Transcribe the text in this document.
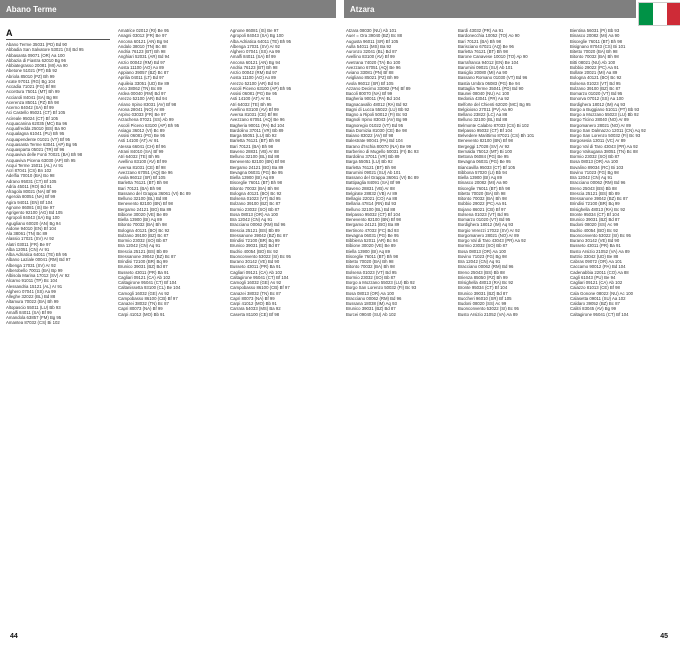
Abano Terme	Atzara
A
Abano Terme 35031 (PD) Bd 90
Abbadia San Salvatore 53021 (SI) Bd 95
Abbasanta 09071 (OR) Aa 100
Abbazia di Fiastra 62010 Bg 96
Abbiategrasso 20081 (MI) Aa 90
Abetone 51021 (PT) Bb 92
Abriola 85010 (PZ) Bh 99
Acate 97011 (RG) Bg 104
Accadia 71021 (FG) Bf 98
Accettura 75011 (MT) Bh 99
Acciaroli 84041 (SA) Bg 98
Acerenza 85011 (PZ) Bh 98
Acerno 84042 (SA) Bf 99
Aci Castello 95021 (CT) Bf 105
Acireale 95024 (CT) Bf 105
Acquacanina 62035 (MC) Ba 96
Acquafredda 25010 (BS) Ba 90
Acqualagna 61041 (PU) Bh 95
Acquapendente 01021 (VT) Bf 95
Acquasanta Terme 63041 (AP) Bg 95
Acquasparta 05021 (TR) Bf 96
Acquaviva delle Fonti 70021 (BA) Bh 98
Acquaviva Picena 63030 (AP) Bh 95
Acqui Terme 15011 (AL) Ar 91
Acri 87041 (CS) Bn 102
Adelfia 70010 (BA) Bo 98
Adrano 95031 (CT) Bf 105
Adria 45011 (RO) Bd 91
Afragola 80021 (NA) Bf 99
Agerola 80051 (NA) Bf 99
Agira 94011 (EN) Bf 104
Agnone 86081 (IS) Be 97
Agrigento 92100 (AG) Bd 105
Agropoli 84043 (SA) Bg 100
Agugliano 60020 (AN) Bg 94
Aidone 94010 (EN) Bf 104
Ala 38061 (TN) Bc 89
Alassio 17021 (SV) Ar 92
Alatri 03011 (FR) Be 97
Alba 12051 (CN) Ar 91
Alba Adriatica 64011 (TE) Bh 95
Albano Laziale 00041 (RM) Bd 97
Albenga 17031 (SV) Ar 92
Alberobello 70011 (BA) Bp 99
Albisola Marina 17012 (SV) Ar 92
Alcamo 91011 (TP) Bc 104
Alessandria 15121 (AL) Ar 91
Alghero 07041 (SS) Aa 99
Alleghe 32022 (BL) Bd 88
Altamura 70022 (BA) Bh 99
Altopascio 55011 (LU) Bb 93
Amalfi 84011 (SA) Bf 99
Amandola 63857 (FM) Bg 95
Amantea 87032 (CS) Bi 102
Amatrice 02012 (RI) Be 95
Anagni 03012 (FR) Be 97
Ancona 60121 (AN) Bg 94
Andalo 38010 (TN) Bc 88
Andria 76123 (BT) Bh 98
Anghiari 52031 (AR) Bd 94
Anzio 00042 (RM) Bd 97
Aosta 11100 (AO) Ao 89
Appiano 39057 (BZ) Bc 87
Aprilia 04011 (LT) Bd 97
Aquileia 33051 (UD) Be 89
Arco 38062 (TN) Bc 89
Ardea 00040 (RM) Bd 97
Arezzo 52100 (AR) Bd 94
Ariano Irpino 83031 (AV) Bf 98
Arona 28041 (NO) Ar 89
Arpino 03033 (FR) Be 97
Arzachena 07021 (SS) Ab 99
Ascoli Piceno 63100 (AP) Bh 95
Asiago 36012 (VI) Bc 89
Assisi 06081 (PG) Be 95
Asti 14100 (AT) Ar 91
Atessa 66041 (CH) Bf 96
Atrani 84010 (SA) Bf 99
Atri 64032 (TE) Bh 95
Avellino 83100 (AV) Bf 99
Aversa 81031 (CE) Bf 98
Avezzano 67051 (AQ) Be 96
Avola 96012 (SR) Bf 105
Barletta 76121 (BT) Bh 98
Bari 70121 (BA) Bh 98
Bassano del Grappa 36061 (VI) Bc 89
Belluno 32100 (BL) Bd 88
Benevento 82100 (BN) Bf 98
Bergamo 24121 (BG) Ba 89
Bibione 30020 (VE) Be 89
Biella 13900 (BI) Aq 89
Bitonto 70032 (BA) Bh 98
Bologna 40121 (BO) Bc 92
Bolzano 39100 (BZ) Bc 87
Bormio 23032 (SO) Bb 87
Bra 12042 (CN) Aq 91
Brescia 25121 (BS) Bb 89
Bressanone 39042 (BZ) Bc 87
Brindisi 72100 (BR) Bq 99
Brunico 39031 (BZ) Bd 87
Busseto 43011 (PR) Ba 91
Cagliari 09121 (CA) Ab 102
Caltagirone 95041 (CT) Bf 104
Caltanissetta 93100 (CL) Be 104
Camogli 16032 (GE) As 92
Campobasso 86100 (CB) Bf 97
Canazei 38032 (TN) Bc 87
Capri 80073 (NA) Bf 99
Carpi 41012 (MO) Bb 91
Agnone 86081 (IS) Be 97
Agropoli 84043 (SA) Bg 100
Alba Adriatica 64011 (TE) Bh 95
Albenga 17031 (SV) Ar 92
Alghero 07041 (SS) Aa 99
Amalfi 84011 (SA) Bf 99
Ancona 60121 (AN) Bg 94
Andria 76123 (BT) Bh 98
Anzio 00042 (RM) Bd 97
Aosta 11100 (AO) Ao 89
Arezzo 52100 (AR) Bd 94
Ascoli Piceno 63100 (AP) Bh 95
Assisi 06081 (PG) Be 95
Asti 14100 (AT) Ar 91
Atri 64032 (TE) Bh 95
Avellino 83100 (AV) Bf 99
Aversa 81031 (CE) Bf 98
Avezzano 67051 (AQ) Be 96
Bagheria 90011 (PA) Bd 104
Bardolino 37011 (VR) Bb 89
Barga 55051 (LU) Bb 92
Barletta 76121 (BT) Bh 98
Bari 70121 (BA) Bh 98
Baveno 28831 (VB) Ar 88
Belluno 32100 (BL) Bd 88
Benevento 82100 (BN) Bf 98
Bergamo 24121 (BG) Ba 89
Bevagna 06031 (PG) Be 95
Biella 13900 (BI) Aq 89
Bisceglie 76011 (BT) Bh 98
Bitonto 70032 (BA) Bh 98
Bologna 40121 (BO) Bc 92
Bolsena 01023 (VT) Bd 95
Bolzano 39100 (BZ) Bc 87
Bormio 23032 (SO) Bb 87
Bosa 08013 (OR) Aa 100
Bra 12042 (CN) Aq 91
Bracciano 00062 (RM) Bd 96
Brescia 25121 (BS) Bb 89
Bressanone 39042 (BZ) Bc 87
Brindisi 72100 (BR) Bq 99
Brunico 39031 (BZ) Bd 87
Budrio 40054 (BO) Bc 92
Buonconvento 53022 (SI) Bc 95
Burano 30142 (VE) Bd 90
Busseto 43011 (PR) Ba 91
Cagliari 09121 (CA) Ab 102
Caltagirone 95041 (CT) Bf 104
Camogli 16032 (GE) As 92
Campobasso 86100 (CB) Bf 97
Canazei 38032 (TN) Bc 87
Capri 80073 (NA) Bf 99
Carpi 41012 (MO) Bb 91
Carrara 54033 (MS) Ba 92
Caserta 81100 (CE) Bf 98
Atzara 08030 (NU) Ab 101
Auer = Ora 39040 (BZ) Bc 88
Augusta 96011 (SR) Bf 105
Aulla 54011 (MS) Ba 92
Auronzo 32041 (BL) Bd 87
Avellino 83100 (AV) Bf 99
Avetrana 74020 (TA) Bo 100
Avezzano 67051 (AQ) Be 96
Aviano 33081 (PN) Bf 88
Avigliano 85021 (PZ) Bh 99
Avola 96012 (SR) Bf 105
Azzano Decimo 33082 (PN) Bf 89
Bacoli 80070 (NA) Bf 99
Bagheria 90011 (PA) Bd 104
Bagnacavallo 48012 (RA) Bd 92
Bagni di Lucca 55022 (LU) Bb 92
Bagno a Ripoli 50012 (FI) Bc 93
Bagnoli Irpino 83043 (AV) Bg 99
Bagnoregio 01022 (VT) Bd 95
Baia Domizia 81030 (CE) Be 98
Baiano 83022 (AV) Bf 98
Balestrate 90041 (PA) Bd 104
Barano d'Ischia 80070 (NA) Be 99
Barberino di Mugello 50031 (FI) Bc 93
Bardolino 37011 (VR) Bb 89
Barga 55051 (LU) Bb 92
Barletta 76121 (BT) Bh 98
Barumini 09021 (SU) Ab 101
Bassano del Grappa 36061 (VI) Bc 89
Battipaglia 84091 (SA) Bf 99
Baveno 28831 (VB) Ar 88
Belgirate 28832 (VB) Ar 89
Bellagio 22021 (CO) Aa 88
Bellaria 47814 (RN) Bd 93
Belluno 32100 (BL) Bd 88
Belpasso 95032 (CT) Bf 104
Benevento 82100 (BN) Bf 98
Bergamo 24121 (BG) Ba 89
Bertinoro 47032 (FC) Bd 93
Bevagna 06031 (PG) Be 95
Bibbiena 52011 (AR) Bc 94
Bibione 30020 (VE) Be 89
Biella 13900 (BI) Aq 89
Bisceglie 76011 (BT) Bh 98
Bitetto 70020 (BA) Bh 98
Bitonto 70032 (BA) Bh 98
Bolsena 01023 (VT) Bd 95
Bormio 23032 (SO) Bb 87
Borgo a Mozzano 55023 (LU) Bb 92
Borgo San Lorenzo 50032 (FI) Bc 93
Bosa 08013 (OR) Aa 100
Bracciano 00062 (RM) Bd 96
Bussana 18038 (IM) Aq 93
Brunico 39031 (BZ) Bd 87
Burcei 09040 (SU) Ab 102
Bardi 43032 (PR) Aa 91
Bardonecchia 10052 (TO) Ao 90
Bari 70121 (BA) Bh 98
Barisciano 67021 (AQ) Be 96
Barletta 76121 (BT) Bh 98
Barone Canavese 10010 (TO) Ap 90
Barrafranca 94012 (EN) Be 104
Barumini 09021 (SU) Ab 101
Basiglio 20080 (MI) Aa 90
Bassano Romano 01030 (VT) Bd 96
Bastia Umbra 06083 (PG) Be 94
Battaglia Terme 35041 (PD) Bd 90
Baunei 08040 (NU) Ac 100
Bedonia 43041 (PR) Aa 92
Belforte del Chienti 62020 (MC) Bg 95
Belgioioso 27011 (PV) Aa 90
Bellano 23822 (LC) Aa 88
Belluno 32100 (BL) Bd 88
Belmonte Calabro 87033 (CS) Bi 102
Belpasso 95032 (CT) Bf 104
Belvedere Marittimo 87021 (CS) Bh 101
Benevento 82100 (BN) Bf 98
Bergeggi 17028 (SV) Ar 92
Bernalda 75012 (MT) Bi 100
Bettona 06084 (PG) Be 95
Bevagna 06031 (PG) Be 95
Biancavilla 95033 (CT) Bf 105
Bibbona 57020 (LI) Bb 94
Biella 13900 (BI) Aq 89
Binasco 20082 (MI) Aa 90
Bisceglie 76011 (BT) Bh 98
Bitetto 70020 (BA) Bh 98
Bitonto 70032 (BA) Bh 98
Bobbio 29022 (PC) Aa 91
Bojano 86021 (CB) Bf 97
Bolsena 01023 (VT) Bd 95
Bomarzo 01020 (VT) Bd 95
Bordighera 18012 (IM) Aq 93
Borgio Verezzi 17022 (SV) Ar 92
Borgomanero 28021 (NO) Ar 89
Borgo Val di Taro 43043 (PR) Aa 92
Bormio 23032 (SO) Bb 87
Bosa 08013 (OR) Aa 100
Bovino 71023 (FG) Bg 98
Bra 12042 (CN) Aq 91
Bracciano 00062 (RM) Bd 96
Breno 25043 (BS) Bb 88
Brienza 85050 (PZ) Bh 99
Brisighella 48013 (RA) Bc 92
Bronte 95034 (CT) Bf 104
Brunico 39031 (BZ) Bd 87
Buccheri 96010 (SR) Bf 105
Budoni 08020 (SS) Ac 99
Buonconvento 53022 (SI) Bc 95
Busto Arsizio 21052 (VA) Aa 89
Bientina 56031 (PI) Bb 93
Binasco 20082 (MI) Aa 90
Bisceglie 76011 (BT) Bh 98
Bisignano 87043 (CS) Bi 101
Bitetto 70020 (BA) Bh 98
Bitonto 70032 (BA) Bh 98
Bitti 08021 (NU) Ab 100
Bobbio 29022 (PC) Aa 91
Bollate 20021 (MI) Aa 89
Bologna 40121 (BO) Bc 92
Bolsena 01023 (VT) Bd 95
Bolzano 39100 (BZ) Bc 87
Bomarzo 01020 (VT) Bd 95
Bonorva 07012 (SS) Aa 100
Bordighera 18012 (IM) Aq 93
Borgo a Buggiano 51011 (PT) Bb 93
Borgo a Mozzano 55023 (LU) Bb 92
Borgo Ticino 28040 (NO) Ar 89
Borgomanero 28021 (NO) Ar 89
Borgo San Dalmazzo 12011 (CN) Aq 92
Borgo San Lorenzo 50032 (FI) Bc 93
Borgosesia 13011 (VC) Ar 89
Borgo Val di Taro 43043 (PR) Aa 92
Borgo Valsugana 38051 (TN) Bc 88
Bormio 23032 (SO) Bb 87
Bosa 08013 (OR) Aa 100
Bovalino 89034 (RC) Bi 103
Bovino 71023 (FG) Bg 98
Bra 12042 (CN) Aq 91
Bracciano 00062 (RM) Bd 96
Breno 25043 (BS) Bb 88
Brescia 25121 (BS) Bb 89
Bressanone 39042 (BZ) Bc 87
Brindisi 72100 (BR) Bq 99
Brisighella 48013 (RA) Bc 92
Bronte 95034 (CT) Bf 104
Brunico 39031 (BZ) Bd 87
Budoni 08020 (SS) Ac 99
Budrio 40054 (BO) Bc 92
Buonconvento 53022 (SI) Bc 95
Burano 30142 (VE) Bd 90
Busseto 43011 (PR) Ba 91
Busto Arsizio 21052 (VA) Aa 89
Buttrio 33042 (UD) Be 88
Cabras 09072 (OR) Aa 101
Caccamo 90012 (PA) Bd 104
Cadenabbia 22011 (CO) Aa 88
Cagli 61043 (PU) Be 94
Cagliari 09121 (CA) Ab 102
Caiazzo 81013 (CE) Bf 98
Cala Gonone 08022 (NU) Ac 100
Calasetta 09011 (SU) Aa 102
Caldaro 39052 (BZ) Bc 87
Calitri 83045 (AV) Bg 99
Caltagirone 95041 (CT) Bf 104
44	45
